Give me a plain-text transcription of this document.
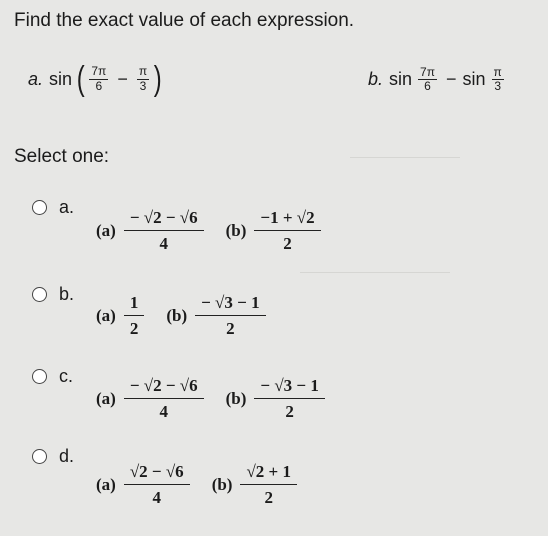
Find the exact value of each expression.
a. sin ( $\frac{7\pi}{6} - \frac{\pi}{3}$ )	b. $\sin \frac{7\pi}{6} - \sin \frac{\pi}{3}$
Select one:
a.
$(a) \frac{- √2 - √6}{4} (b) \frac{-1 + √2}{2}$
b.
$(a) \frac{1}{2} (b) \frac{- √3 - 1}{2}$
c.
$(a) \frac{- √2 - √6}{4} (b) \frac{- √3 - 1}{2}$
d.
$(a) \frac{√2 - √6}{4} (b) \frac{√2 + 1}{2}$
